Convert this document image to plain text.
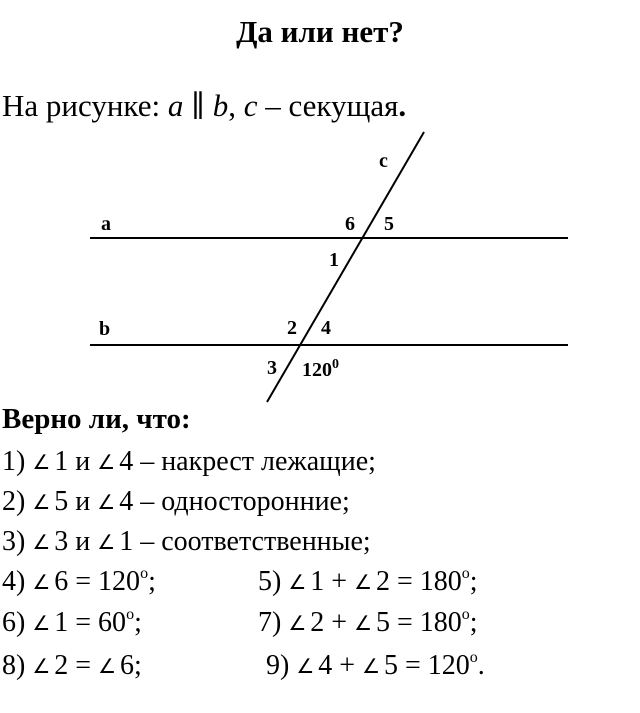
Да или нет?
На рисунке: a ∥ b, c – секущая.
a
b
c
6 5
1
2 4
3 $120^0$
Верно ли, что:
1) ∠ 1 и ∠ 4 – накрест лежащие;
2) ∠ 5 и ∠ 4 – односторонние;
3) ∠ 3 и ∠ 1 – соответственные;
4) ∠ $6 = 120^о$;	5) ∠ 1 + ∠ $2 = 180^о$;
6) ∠ $1 = 60^о$;	7) ∠ 2 + ∠ $5 = 180^о$;
8) ∠ 2 = ∠ 6;	9) ∠ 4 + ∠ $5 = 120^о$.
